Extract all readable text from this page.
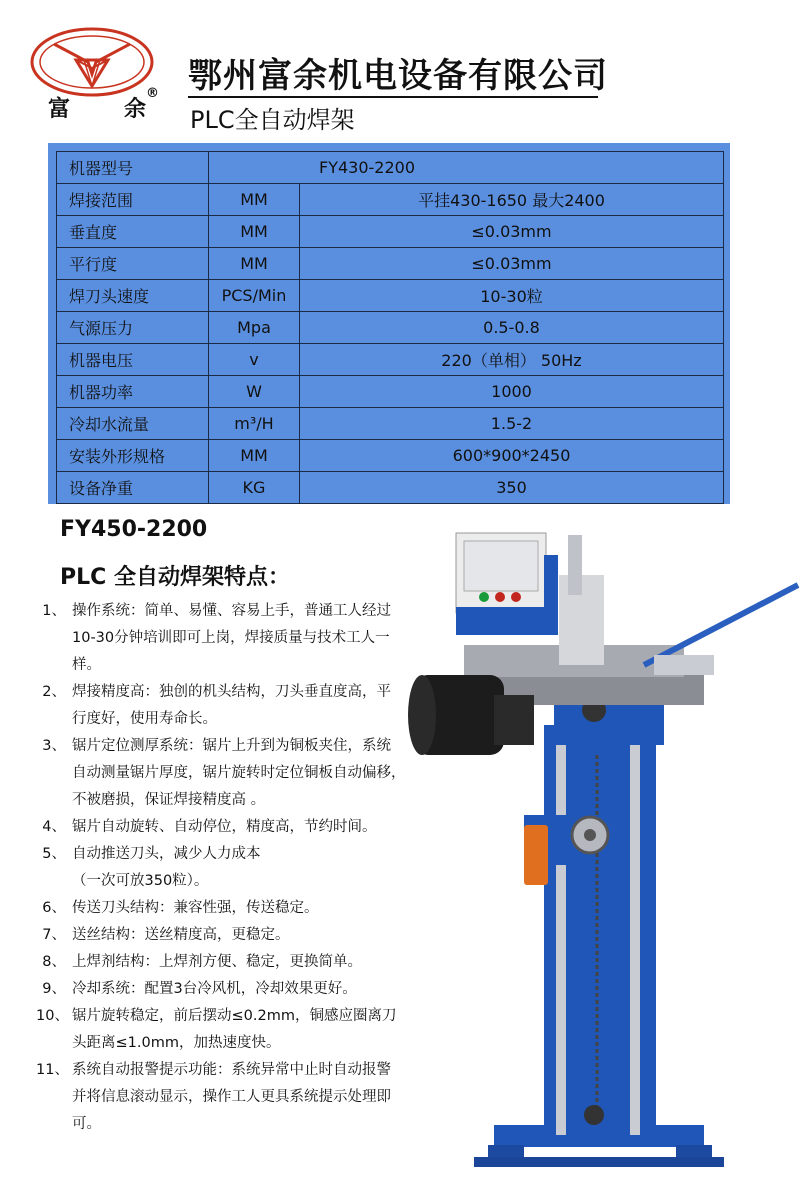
富 余
® 鄂州富余机电设备有限公司
PLC全自动焊架
机器型号	FY430-2200	
焊接范围	MM	平挂430-1650 最大2400
垂直度	MM	≤0.03mm
平行度	MM	≤0.03mm
焊刀头速度	PCS/Min	10-30粒
气源压力	Mpa	0.5-0.8
机器电压	v	220（单相） 50Hz
机器功率	W	1000
冷却水流量	m³/H	1.5-2
安装外形规格	MM	600*900*2450
设备净重	KG	350
FY450-2200
PLC 全自动焊架特点：
1、 操作系统：简单、易懂、容易上手，普通工人经过
10-30分钟培训即可上岗，焊接质量与技术工人一样。
2、 焊接精度高：独创的机头结构，刀头垂直度高，平
行度好，使用寿命长。
3、 锯片定位测厚系统：锯片上升到为铜板夹住，系统
自动测量锯片厚度，锯片旋转时定位铜板自动偏移，
不被磨损，保证焊接精度高 。
4、 锯片自动旋转、自动停位，精度高，节约时间。
5、 自动推送刀头，减少人力成本
（一次可放350粒）。
6、 传送刀头结构：兼容性强，传送稳定。
7、 送丝结构：送丝精度高，更稳定。
8、 上焊剂结构：上焊剂方便、稳定，更换简单。
9、 冷却系统：配置3台冷风机，冷却效果更好。
10、 锯片旋转稳定，前后摆动≤0.2mm，铜感应圈离刀
头距离≤1.0mm，加热速度快。
11、 系统自动报警提示功能：系统异常中止时自动报警
并将信息滚动显示，操作工人更具系统提示处理即
可。
